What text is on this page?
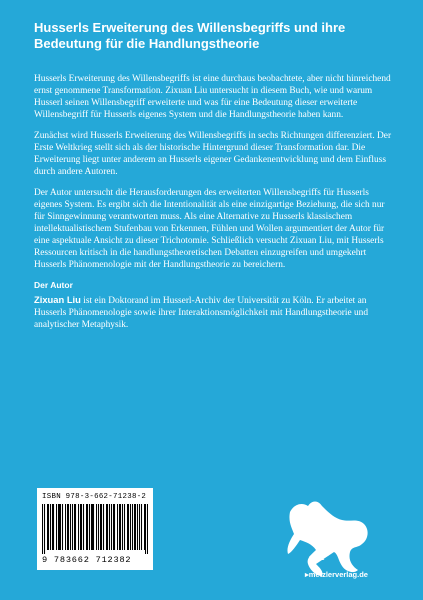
Husserls Erweiterung des Willensbegriffs und ihre Bedeutung für die Handlungstheorie

Husserls Erweiterung des Willensbegriffs ist eine durchaus beobachtete, aber nicht hinreichend ernst genommene Transformation. Zixuan Liu untersucht in diesem Buch, wie und warum Husserl seinen Willensbegriff erweiterte und was für eine Bedeutung dieser erweiterte Willensbegriff für Husserls eigenes System und die Handlungstheorie haben kann.

Zunächst wird Husserls Erweiterung des Willensbegriffs in sechs Richtungen differenziert. Der Erste Weltkrieg stellt sich als der historische Hintergrund dieser Transformation dar. Die Erweiterung liegt unter anderem an Husserls eigener Gedankenentwicklung und dem Einfluss durch andere Autoren.

Der Autor untersucht die Herausforderungen des erweiterten Willensbegriffs für Husserls eigenes System. Es ergibt sich die Intentionalität als eine einzigartige Beziehung, die sich nur für Sinngewinnung verantworten muss. Als eine Alternative zu Husserls klassischem intellektualistischem Stufenbau von Erkennen, Fühlen und Wollen argumentiert der Autor für eine aspektuale Ansicht zu dieser Trichotomie. Schließlich versucht Zixuan Liu, mit Husserls Ressourcen kritisch in die handlungstheoretischen Debatten einzugreifen und umgekehrt Husserls Phänomenologie mit der Handlungstheorie zu bereichern.

Der Autor

Zixuan Liu ist ein Doktorand im Husserl-Archiv der Universität zu Köln. Er arbeitet an Husserls Phänomenologie sowie ihrer Interaktionsmöglichkeit mit Handlungstheorie und analytischer Metaphysik.

ISBN 978-3-662-71238-2
9 783662 712382	1682
▸metzlerverlag.de
